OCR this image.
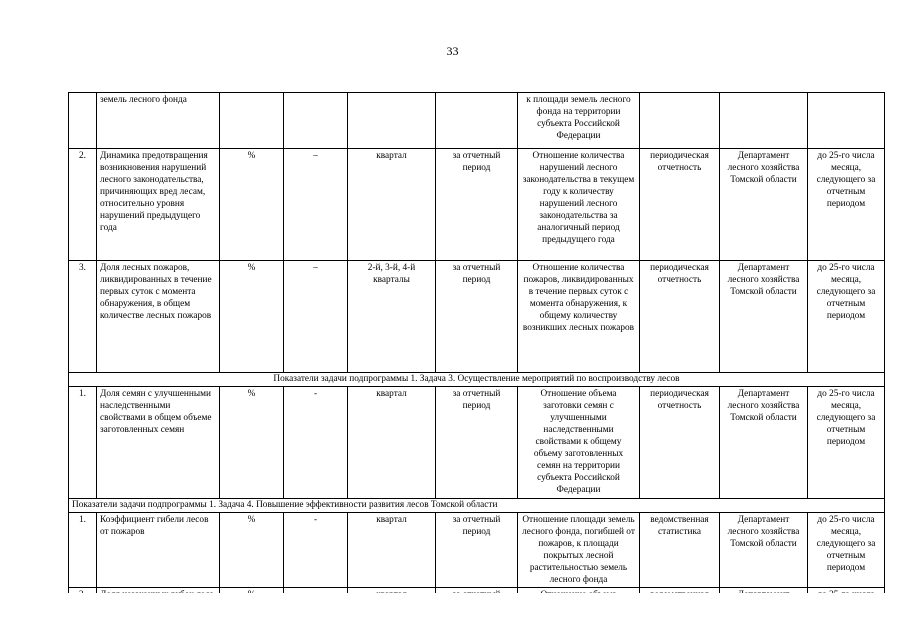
33
	земель лесного фонда					к площади земель лесного фонда на территории субъекта Российской Федерации			
2.	Динамика предотвращения возникновения нарушений лесного законодательства, причиняющих вред лесам, относительно уровня нарушений предыдущего года	%	–	квартал	за отчетный период	Отношение количества нарушений лесного законодательства в текущем году к количеству нарушений лесного законодательства за аналогичный период предыдущего года	периодическая отчетность	Департамент лесного хозяйства Томской области	до 25-го числа месяца, следующего за отчетным периодом
3.	Доля лесных пожаров, ликвидированных в течение первых суток с момента обнаружения, в общем количестве лесных пожаров	%	–	2-й, 3-й, 4-й кварталы	за отчетный период	Отношение количества пожаров, ликвидированных в течение первых суток с момента обнаружения, к общему количеству возникших лесных пожаров	периодическая отчетность	Департамент лесного хозяйства Томской области	до 25-го числа месяца, следующего за отчетным периодом
Показатели задачи подпрограммы 1. Задача 3. Осуществление мероприятий по воспроизводству лесов									
1.	Доля семян с улучшенными наследственными свойствами в общем объеме заготовленных семян	%	-	квартал	за отчетный период	Отношение объема заготовки семян с улучшенными наследственными свойствами к общему объему заготовленных семян на территории субъекта Российской Федерации	периодическая отчетность	Департамент лесного хозяйства Томской области	до 25-го числа месяца, следующего за отчетным периодом
Показатели задачи подпрограммы 1. Задача 4. Повышение эффективности развития лесов Томской области									
1.	Коэффициент гибели лесов от пожаров	%	-	квартал	за отчетный период	Отношение площади земель лесного фонда, погибшей от пожаров, к площади покрытых лесной растительностью земель лесного фонда	ведомственная статистика	Департамент лесного хозяйства Томской области	до 25-го числа месяца, следующего за отчетным периодом
